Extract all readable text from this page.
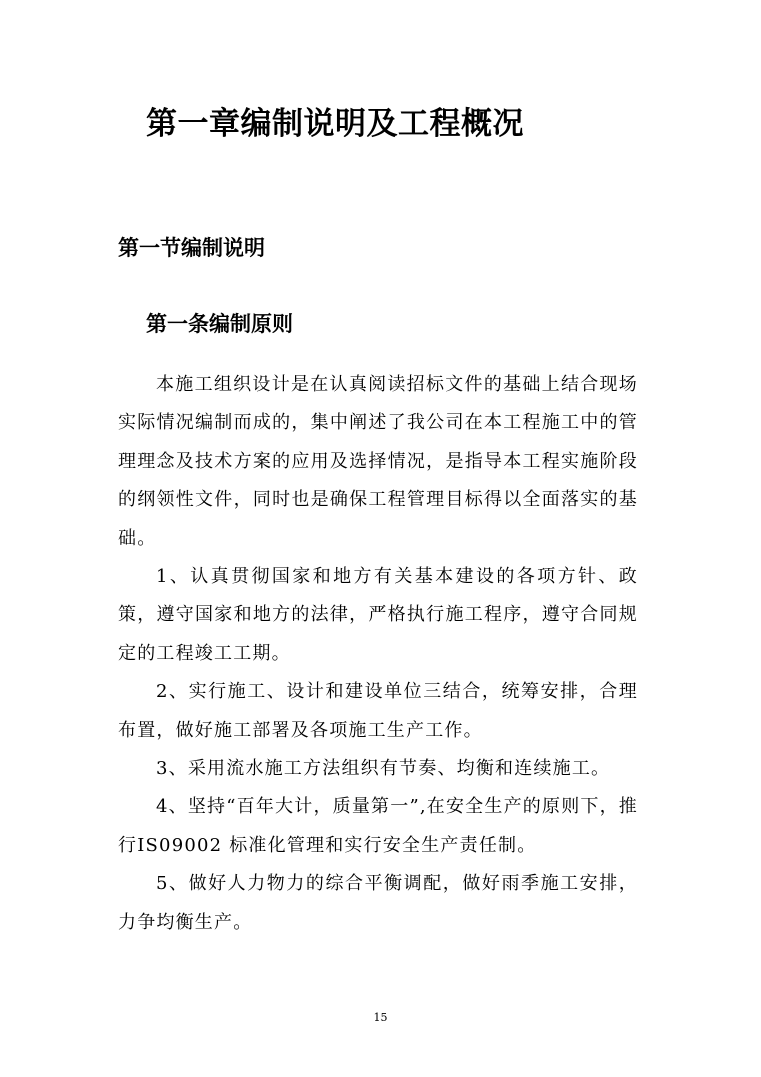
第一章编制说明及工程概况
第一节编制说明
第一条编制原则

本施工组织设计是在认真阅读招标文件的基础上结合现场实际情况编制而成的，集中阐述了我公司在本工程施工中的管理理念及技术方案的应用及选择情况，是指导本工程实施阶段的纲领性文件，同时也是确保工程管理目标得以全面落实的基础。

1、认真贯彻国家和地方有关基本建设的各项方针、政策，遵守国家和地方的法律，严格执行施工程序，遵守合同规定的工程竣工工期。

2、实行施工、设计和建设单位三结合，统筹安排，合理布置，做好施工部署及各项施工生产工作。

3、采用流水施工方法组织有节奏、均衡和连续施工。

4、坚持“百年大计，质量第一”,在安全生产的原则下，推行IS09002 标准化管理和实行安全生产责任制。

5、做好人力物力的综合平衡调配，做好雨季施工安排，力争均衡生产。

15
